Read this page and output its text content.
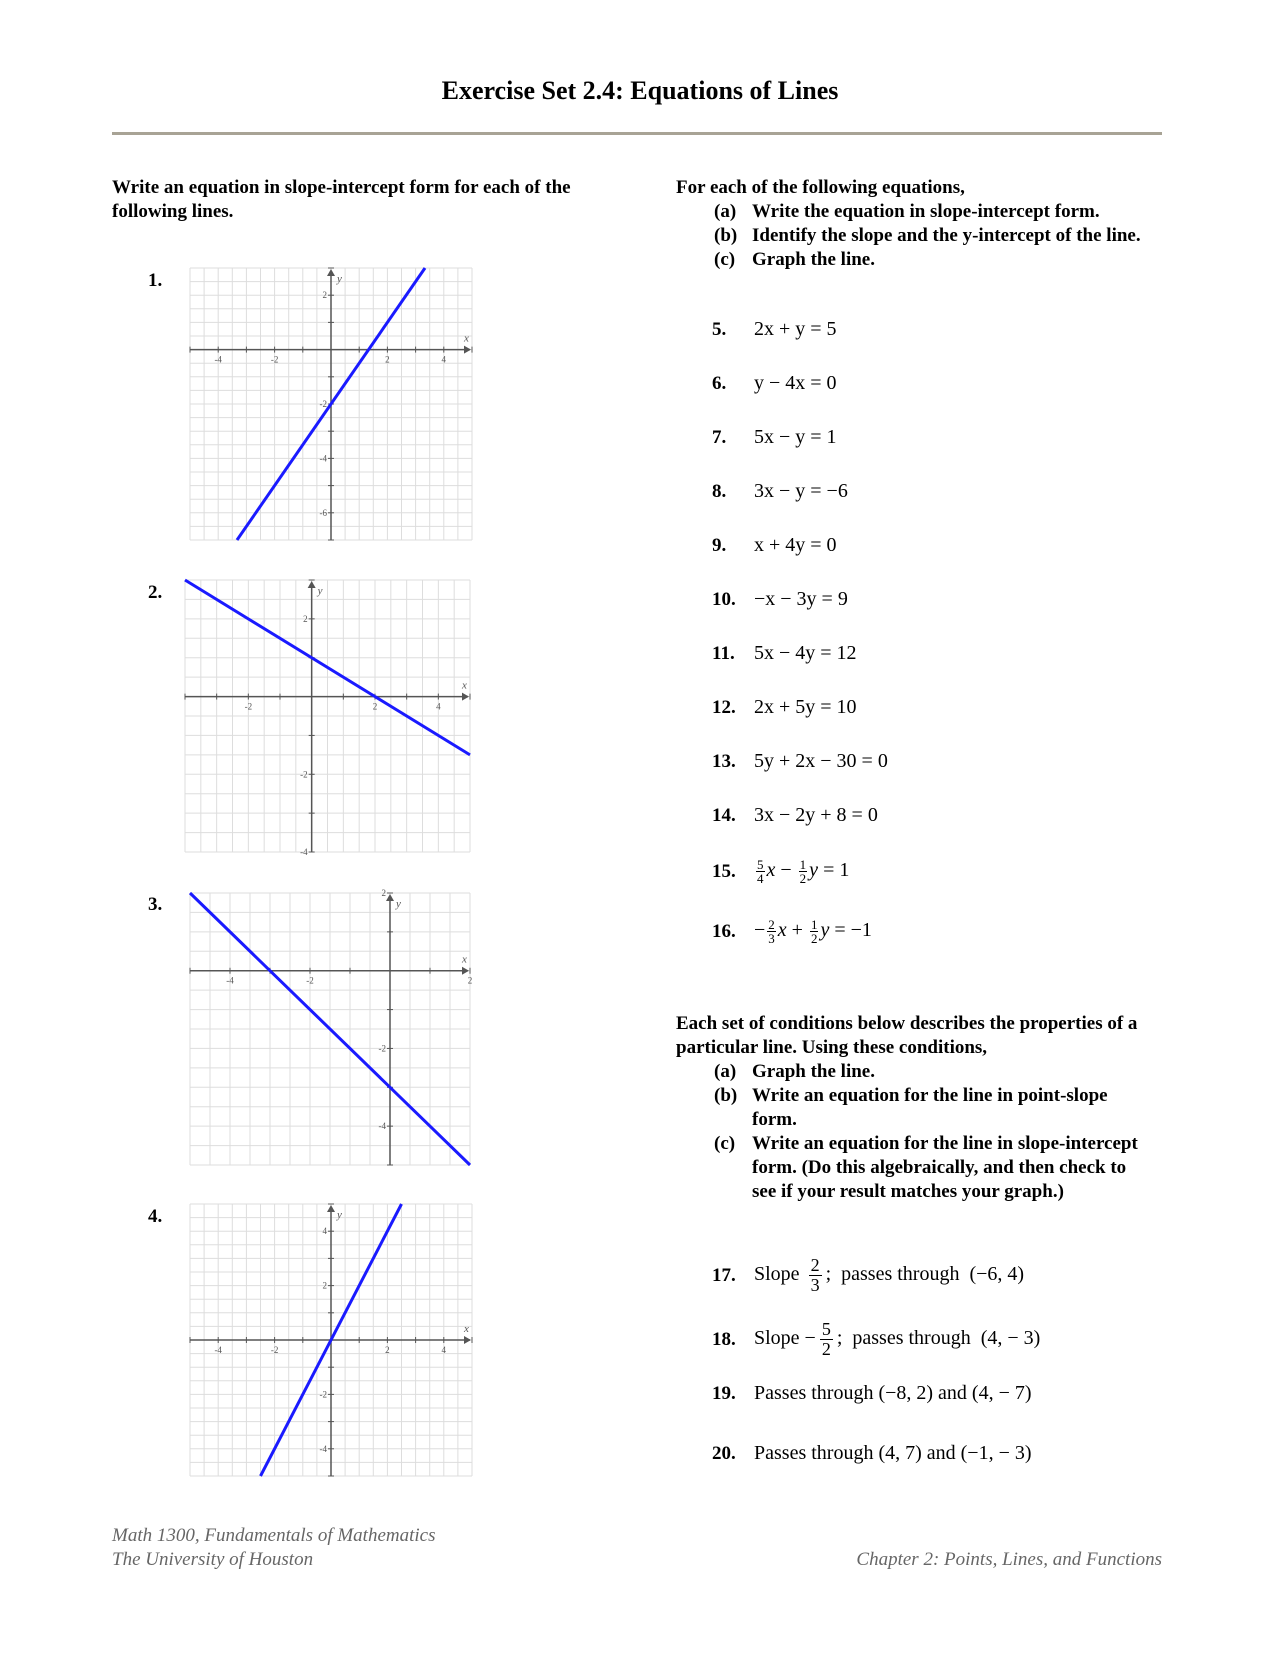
Exercise Set 2.4: Equations of Lines
Write an equation in slope-intercept form for each of the following lines.
1.
2.
3.
4.
-4	-2	2	4
2
-2
-4
-6
x
y
-2	2	4
2
-2
-4
x
y
-4	-2	2
2
-2
-4
x
y
-4	-2	2	4
4
2
-2
-4
x
y
For each of the following equations,
(a) Write the equation in slope-intercept form.
(b) Identify the slope and the y-intercept of the line.
(c) Graph the line.
5.	2x + y = 5
6.	y − 4x = 0
7.	5x − y = 1
8.	3x − y = −6
9.	x + 4y = 0
10. −x − 3y = 9
11. 5x − 4y = 12
12. 2x + 5y = 10
13. 5y + 2x − 30 = 0
14. 3x − 2y + 8 = 0
15.	$\frac{5}{4}$ $x - \frac{1}{2}$ y = 1
16. − $\frac{2}{3}$ $x + \frac{1}{2}$ y = −1
Each set of conditions below describes the properties of a particular line. Using these conditions,
(a) Graph the line.
(b) Write an equation for the line in point-slope form.
(c) Write an equation for the line in slope-intercept form. (Do this algebraically, and then check to see if your result matches your graph.)
17. Slope $\frac{2}{3}$ ;  passes through  (−6, 4)
18. Slope − $\frac{5}{2}$ ;  passes through  (4, − 3)
19. Passes through (−8, 2) and (4, − 7)
20. Passes through (4, 7) and (−1, − 3)
Math 1300, Fundamentals of Mathematics
The University of Houston	Chapter 2: Points, Lines, and Functions
